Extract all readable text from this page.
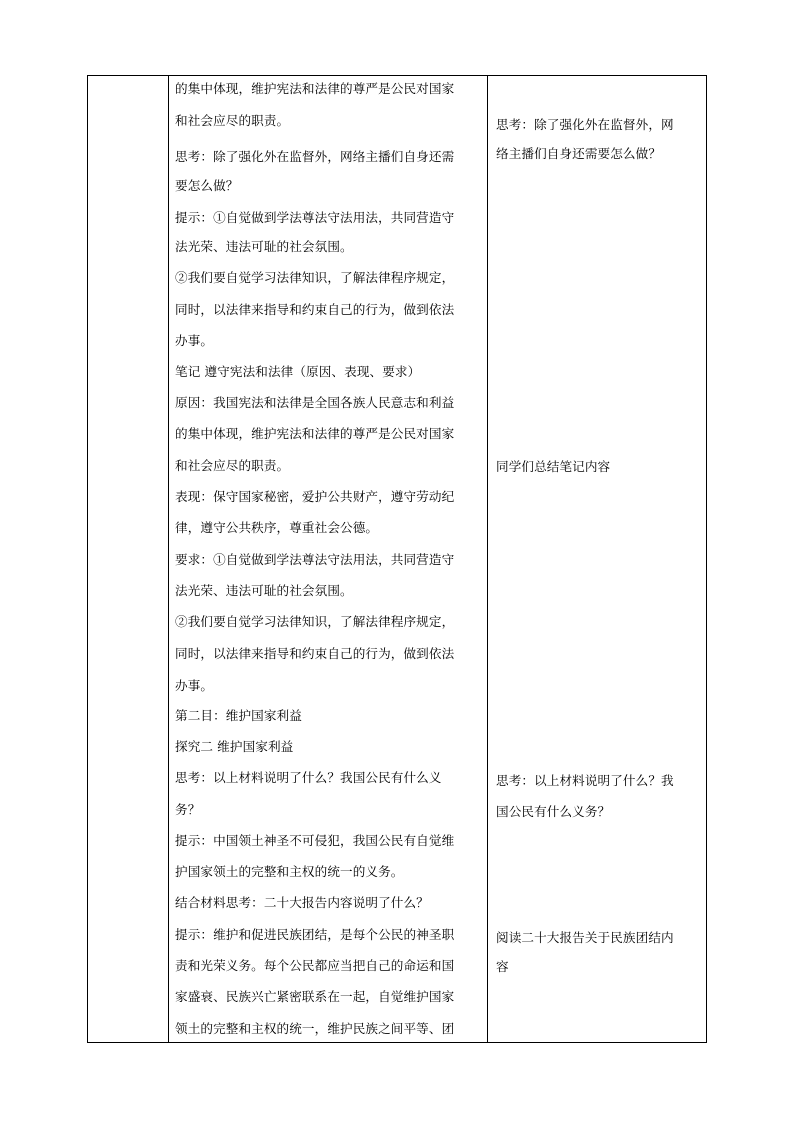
的集中体现，维护宪法和法律的尊严是公民对国家
和社会应尽的职责。
思考：除了强化外在监督外，网络主播们自身还需
要怎么做？
提示：①自觉做到学法尊法守法用法，共同营造守
法光荣、违法可耻的社会氛围。
②我们要自觉学习法律知识，了解法律程序规定，
同时，以法律来指导和约束自己的行为，做到依法
办事。
笔记 遵守宪法和法律（原因、表现、要求）
原因：我国宪法和法律是全国各族人民意志和利益
的集中体现，维护宪法和法律的尊严是公民对国家
和社会应尽的职责。
表现：保守国家秘密，爱护公共财产，遵守劳动纪
律，遵守公共秩序，尊重社会公德。
要求：①自觉做到学法尊法守法用法，共同营造守
法光荣、违法可耻的社会氛围。
②我们要自觉学习法律知识，了解法律程序规定，
同时，以法律来指导和约束自己的行为，做到依法
办事。
第二目：维护国家利益
探究二 维护国家利益
思考：以上材料说明了什么？我国公民有什么义
务？
提示：中国领土神圣不可侵犯，我国公民有自觉维
护国家领土的完整和主权的统一的义务。
结合材料思考：二十大报告内容说明了什么？
提示：维护和促进民族团结，是每个公民的神圣职
责和光荣义务。每个公民都应当把自己的命运和国
家盛衰、民族兴亡紧密联系在一起，自觉维护国家
领土的完整和主权的统一，维护民族之间平等、团
思考：除了强化外在监督外，网
络主播们自身还需要怎么做？
同学们总结笔记内容
思考：以上材料说明了什么？我
国公民有什么义务？
阅读二十大报告关于民族团结内
容
